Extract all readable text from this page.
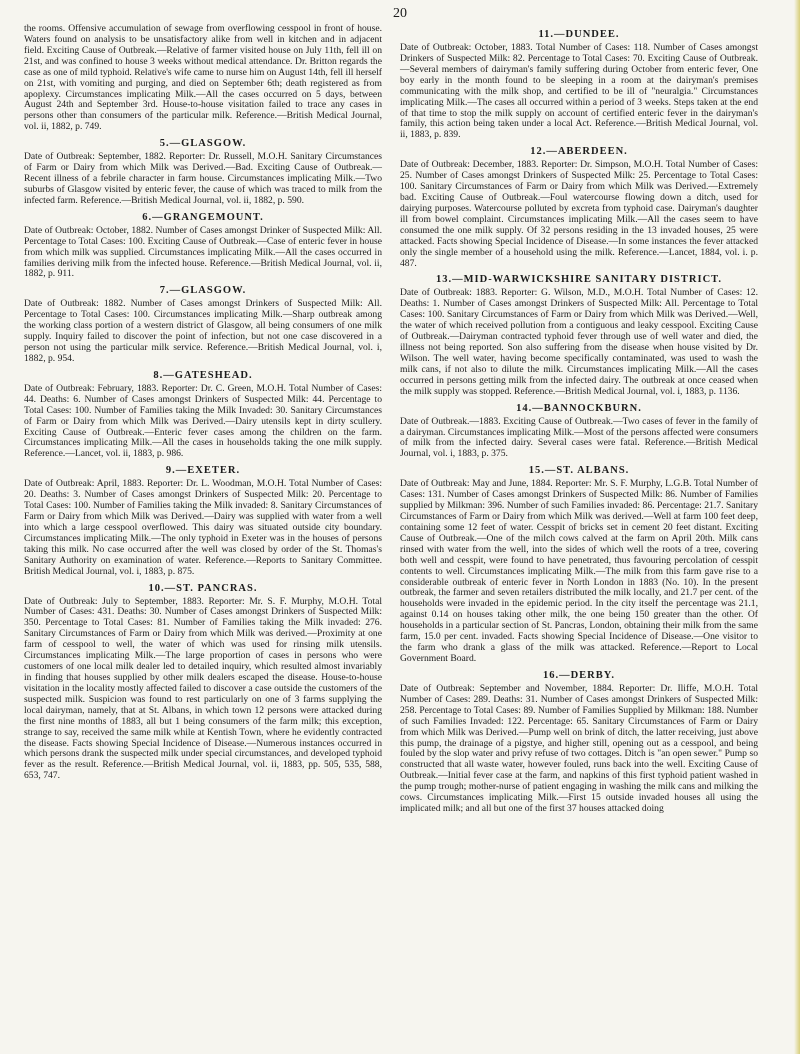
20

the rooms. Offensive accumulation of sewage from overflowing cesspool in front of house. Waters found on analysis to be unsatisfactory alike from well in kitchen and in adjacent field. Exciting Cause of Outbreak.—Relative of farmer visited house on July 11th, fell ill on 21st, and was confined to house 3 weeks without medical attendance. Dr. Britton regards the case as one of mild typhoid. Relative's wife came to nurse him on August 14th, fell ill herself on 21st, with vomiting and purging, and died on September 6th; death registered as from apoplexy. Circumstances implicating Milk.—All the cases occurred on 5 days, between August 24th and September 3rd. House-to-house visitation failed to trace any cases in persons other than consumers of the particular milk. Reference.—British Medical Journal, vol. ii, 1882, p. 749.

5.—GLASGOW.

Date of Outbreak: September, 1882. Reporter: Dr. Russell, M.O.H. Sanitary Circumstances of Farm or Dairy from which Milk was Derived.—Bad. Exciting Cause of Outbreak.—Recent illness of a febrile character in farm house. Circumstances implicating Milk.—Two suburbs of Glasgow visited by enteric fever, the cause of which was traced to milk from the infected farm. Reference.—British Medical Journal, vol. ii, 1882, p. 590.

6.—GRANGEMOUNT.

Date of Outbreak: October, 1882. Number of Cases amongst Drinker of Suspected Milk: All. Percentage to Total Cases: 100. Exciting Cause of Outbreak.—Case of enteric fever in house from which milk was supplied. Circumstances implicating Milk.—All the cases occurred in families deriving milk from the infected house. Reference.—British Medical Journal, vol. ii, 1882, p. 911.

7.—GLASGOW.

Date of Outbreak: 1882. Number of Cases amongst Drinkers of Suspected Milk: All. Percentage to Total Cases: 100. Circumstances implicating Milk.—Sharp outbreak among the working class portion of a western district of Glasgow, all being consumers of one milk supply. Inquiry failed to discover the point of infection, but not one case discovered in a person not using the particular milk service. Reference.—British Medical Journal, vol. i, 1882, p. 954.

8.—GATESHEAD.

Date of Outbreak: February, 1883. Reporter: Dr. C. Green, M.O.H. Total Number of Cases: 44. Deaths: 6. Number of Cases amongst Drinkers of Suspected Milk: 44. Percentage to Total Cases: 100. Number of Families taking the Milk Invaded: 30. Sanitary Circumstances of Farm or Dairy from which Milk was Derived.—Dairy utensils kept in dirty scullery. Exciting Cause of Outbreak.—Enteric fever cases among the children on the farm. Circumstances implicating Milk.—All the cases in households taking the one milk supply. Reference.—Lancet, vol. ii, 1883, p. 986.

9.—EXETER.

Date of Outbreak: April, 1883. Reporter: Dr. L. Woodman, M.O.H. Total Number of Cases: 20. Deaths: 3. Number of Cases amongst Drinkers of Suspected Milk: 20. Percentage to Total Cases: 100. Number of Families taking the Milk invaded: 8. Sanitary Circumstances of Farm or Dairy from which Milk was Derived.—Dairy was supplied with water from a well into which a large cesspool overflowed. This dairy was situated outside city boundary. Circumstances implicating Milk.—The only typhoid in Exeter was in the houses of persons taking this milk. No case occurred after the well was closed by order of the St. Thomas's Sanitary Authority on examination of water. Reference.—Reports to Sanitary Committee. British Medical Journal, vol. i, 1883, p. 875.

10.—ST. PANCRAS.

Date of Outbreak: July to September, 1883. Reporter: Mr. S. F. Murphy, M.O.H. Total Number of Cases: 431. Deaths: 30. Number of Cases amongst Drinkers of Suspected Milk: 350. Percentage to Total Cases: 81. Number of Families taking the Milk invaded: 276. Sanitary Circumstances of Farm or Dairy from which Milk was derived.—Proximity at one farm of cesspool to well, the water of which was used for rinsing milk utensils. Circumstances implicating Milk.—The large proportion of cases in persons who were customers of one local milk dealer led to detailed inquiry, which resulted almost invariably in finding that houses supplied by other milk dealers escaped the disease. House-to-house visitation in the locality mostly affected failed to discover a case outside the customers of the suspected milk. Suspicion was found to rest particularly on one of 3 farms supplying the local dairyman, namely, that at St. Albans, in which town 12 persons were attacked during the first nine months of 1883, all but 1 being consumers of the farm milk; this exception, strange to say, received the same milk while at Kentish Town, where he evidently contracted the disease. Facts showing Special Incidence of Disease.—Numerous instances occurred in which persons drank the suspected milk under special circumstances, and developed typhoid fever as the result. Reference.—British Medical Journal, vol. ii, 1883, pp. 505, 535, 588, 653, 747.

11.—DUNDEE.

Date of Outbreak: October, 1883. Total Number of Cases: 118. Number of Cases amongst Drinkers of Suspected Milk: 82. Percentage to Total Cases: 70. Exciting Cause of Outbreak.—Several members of dairyman's family suffering during October from enteric fever, One boy early in the month found to be sleeping in a room at the dairyman's premises communicating with the milk shop, and certified to be ill of "neuralgia." Circumstances implicating Milk.—The cases all occurred within a period of 3 weeks. Steps taken at the end of that time to stop the milk supply on account of certified enteric fever in the dairyman's family, this action being taken under a local Act. Reference.—British Medical Journal, vol. ii, 1883, p. 839.

12.—ABERDEEN.

Date of Outbreak: December, 1883. Reporter: Dr. Simpson, M.O.H. Total Number of Cases: 25. Number of Cases amongst Drinkers of Suspected Milk: 25. Percentage to Total Cases: 100. Sanitary Circumstances of Farm or Dairy from which Milk was Derived.—Extremely bad. Exciting Cause of Outbreak.—Foul watercourse flowing down a ditch, used for dairying purposes. Watercourse polluted by excreta from typhoid case. Dairyman's daughter ill from bowel complaint. Circumstances implicating Milk.—All the cases seem to have consumed the one milk supply. Of 32 persons residing in the 13 invaded houses, 25 were attacked. Facts showing Special Incidence of Disease.—In some instances the fever attacked only the single member of a household using the milk. Reference.—Lancet, 1884, vol. i. p. 487.

13.—MID-WARWICKSHIRE SANITARY DISTRICT.

Date of Outbreak: 1883. Reporter: G. Wilson, M.D., M.O.H. Total Number of Cases: 12. Deaths: 1. Number of Cases amongst Drinkers of Suspected Milk: All. Percentage to Total Cases: 100. Sanitary Circumstances of Farm or Dairy from which Milk was Derived.—Well, the water of which received pollution from a contiguous and leaky cesspool. Exciting Cause of Outbreak.—Dairyman contracted typhoid fever through use of well water and died, the illness not being reported. Son also suffering from the disease when house visited by Dr. Wilson. The well water, having become specifically contaminated, was used to wash the milk cans, if not also to dilute the milk. Circumstances implicating Milk.—All the cases occurred in persons getting milk from the infected dairy. The outbreak at once ceased when the milk supply was stopped. Reference.—British Medical Journal, vol. i, 1883, p. 1136.

14.—BANNOCKBURN.

Date of Outbreak.—1883. Exciting Cause of Outbreak.—Two cases of fever in the family of a dairyman. Circumstances implicating Milk.—Most of the persons affected were consumers of milk from the infected dairy. Several cases were fatal. Reference.—British Medical Journal, vol. i, 1883, p. 375.

15.—ST. ALBANS.

Date of Outbreak: May and June, 1884. Reporter: Mr. S. F. Murphy, L.G.B. Total Number of Cases: 131. Number of Cases amongst Drinkers of Suspected Milk: 86. Number of Families supplied by Milkman: 396. Number of such Families invaded: 86. Percentage: 21.7. Sanitary Circumstances of Farm or Dairy from which Milk was derived.—Well at farm 100 feet deep, containing some 12 feet of water. Cesspit of bricks set in cement 20 feet distant. Exciting Cause of Outbreak.—One of the milch cows calved at the farm on April 20th. Milk cans rinsed with water from the well, into the sides of which well the roots of a tree, covering both well and cesspit, were found to have penetrated, thus favouring percolation of cesspit contents to well. Circumstances implicating Milk.—The milk from this farm gave rise to a considerable outbreak of enteric fever in North London in 1883 (No. 10). In the present outbreak, the farmer and seven retailers distributed the milk locally, and 21.7 per cent. of the households were invaded in the epidemic period. In the city itself the percentage was 21.1, against 0.14 on houses taking other milk, the one being 150 greater than the other. Of households in a particular section of St. Pancras, London, obtaining their milk from the same farm, 15.0 per cent. invaded. Facts showing Special Incidence of Disease.—One visitor to the farm who drank a glass of the milk was attacked. Reference.—Report to Local Government Board.

16.—DERBY.

Date of Outbreak: September and November, 1884. Reporter: Dr. Iliffe, M.O.H. Total Number of Cases: 289. Deaths: 31. Number of Cases amongst Drinkers of Suspected Milk: 258. Percentage to Total Cases: 89. Number of Families Supplied by Milkman: 188. Number of such Families Invaded: 122. Percentage: 65. Sanitary Circumstances of Farm or Dairy from which Milk was Derived.—Pump well on brink of ditch, the latter receiving, just above this pump, the drainage of a pigstye, and higher still, opening out as a cesspool, and being fouled by the slop water and privy refuse of two cottages. Ditch is "an open sewer." Pump so constructed that all waste water, however fouled, runs back into the well. Exciting Cause of Outbreak.—Initial fever case at the farm, and napkins of this first typhoid patient washed in the pump trough; mother-nurse of patient engaging in washing the milk cans and milking the cows. Circumstances implicating Milk.—First 15 outside invaded houses all using the implicated milk; and all but one of the first 37 houses attacked doing
